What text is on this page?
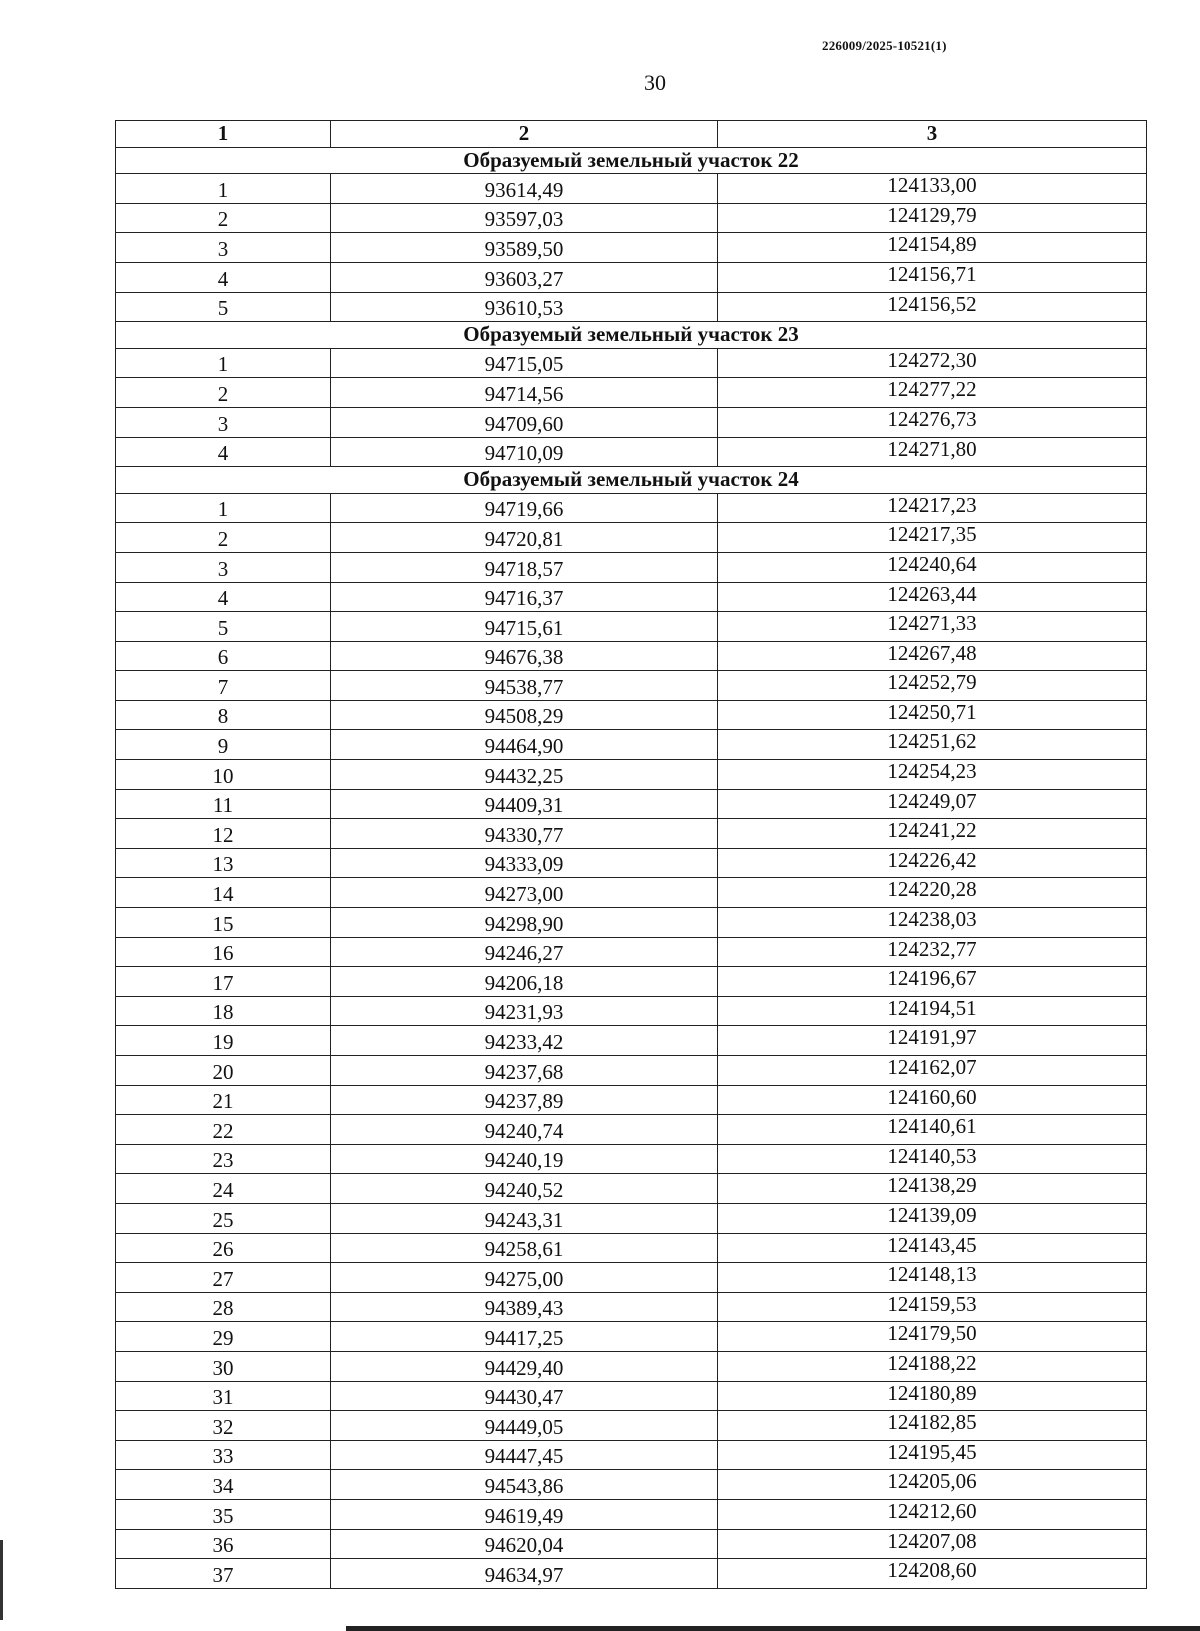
226009/2025-10521(1)
30
1	2	3
Образуемый земельный участок 22		
1	93614,49	124133,00
2	93597,03	124129,79
3	93589,50	124154,89
4	93603,27	124156,71
5	93610,53	124156,52
Образуемый земельный участок 23		
1	94715,05	124272,30
2	94714,56	124277,22
3	94709,60	124276,73
4	94710,09	124271,80
Образуемый земельный участок 24		
1	94719,66	124217,23
2	94720,81	124217,35
3	94718,57	124240,64
4	94716,37	124263,44
5	94715,61	124271,33
6	94676,38	124267,48
7	94538,77	124252,79
8	94508,29	124250,71
9	94464,90	124251,62
10	94432,25	124254,23
11	94409,31	124249,07
12	94330,77	124241,22
13	94333,09	124226,42
14	94273,00	124220,28
15	94298,90	124238,03
16	94246,27	124232,77
17	94206,18	124196,67
18	94231,93	124194,51
19	94233,42	124191,97
20	94237,68	124162,07
21	94237,89	124160,60
22	94240,74	124140,61
23	94240,19	124140,53
24	94240,52	124138,29
25	94243,31	124139,09
26	94258,61	124143,45
27	94275,00	124148,13
28	94389,43	124159,53
29	94417,25	124179,50
30	94429,40	124188,22
31	94430,47	124180,89
32	94449,05	124182,85
33	94447,45	124195,45
34	94543,86	124205,06
35	94619,49	124212,60
36	94620,04	124207,08
37	94634,97	124208,60
